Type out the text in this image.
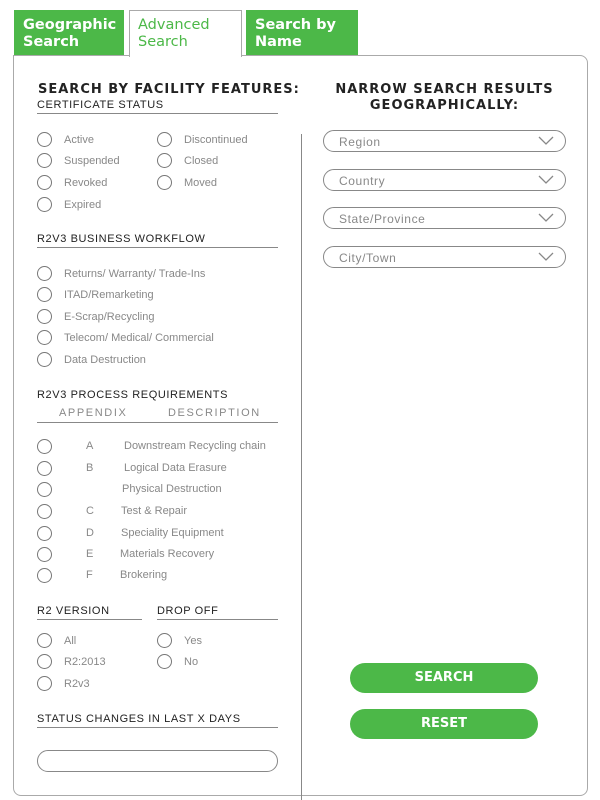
Geographic
Search
Advanced
Search
Search by
Name
SEARCH BY FACILITY FEATURES:
CERTIFICATE STATUS
Active
Suspended
Revoked
Expired
Discontinued
Closed
Moved
R2V3 BUSINESS WORKFLOW
Returns/ Warranty/ Trade-Ins
ITAD/Remarketing
E-Scrap/Recycling
Telecom/ Medical/ Commercial
Data Destruction
R2V3 PROCESS REQUIREMENTS
APPENDIX	DESCRIPTION
A	Downstream Recycling chain
B	Logical Data Erasure
Physical Destruction
C Test & Repair
D Speciality Equipment
E Materials Recovery
F Brokering
R2 VERSION	DROP OFF
All
R2:2013
R2v3
Yes
No
STATUS CHANGES IN LAST X DAYS
NARROW SEARCH RESULTS
GEOGRAPHICALLY:
Region
Country
State/Province
City/Town
SEARCH
RESET
